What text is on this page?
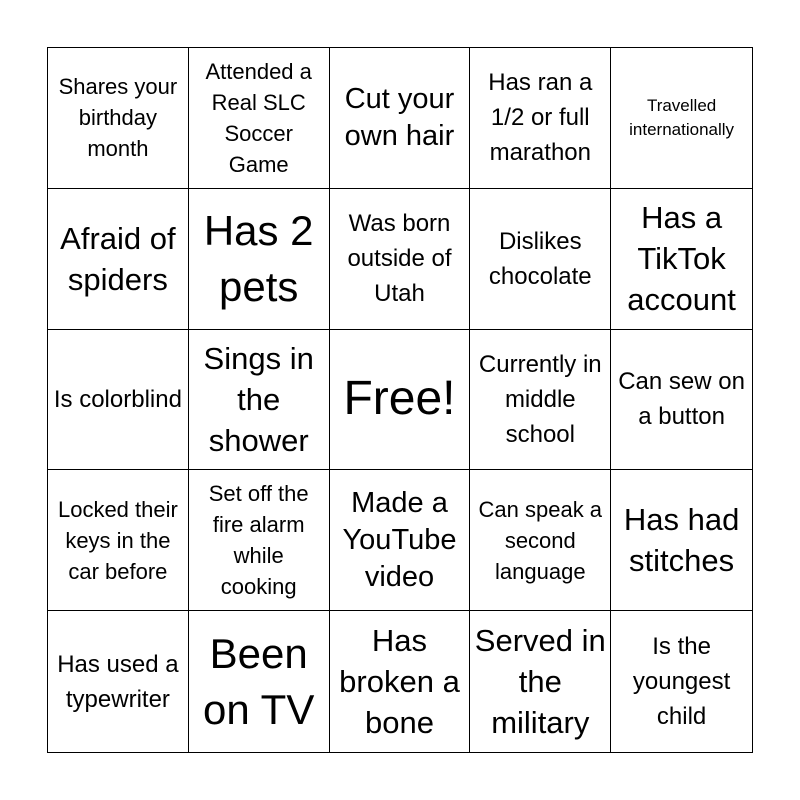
Shares your birthday month
Attended a Real SLC Soccer Game
Cut your own hair
Has ran a 1/2 or full marathon
Travelled internationally
Afraid of spiders
Has 2 pets
Was born outside of Utah
Dislikes chocolate
Has a TikTok account
Is colorblind
Sings in the shower
Free!
Currently in middle school
Can sew on a button
Locked their keys in the car before
Set off the fire alarm while cooking
Made a YouTube video
Can speak a second language
Has had stitches
Has used a typewriter
Been on TV
Has broken a bone
Served in the military
Is the youngest child
